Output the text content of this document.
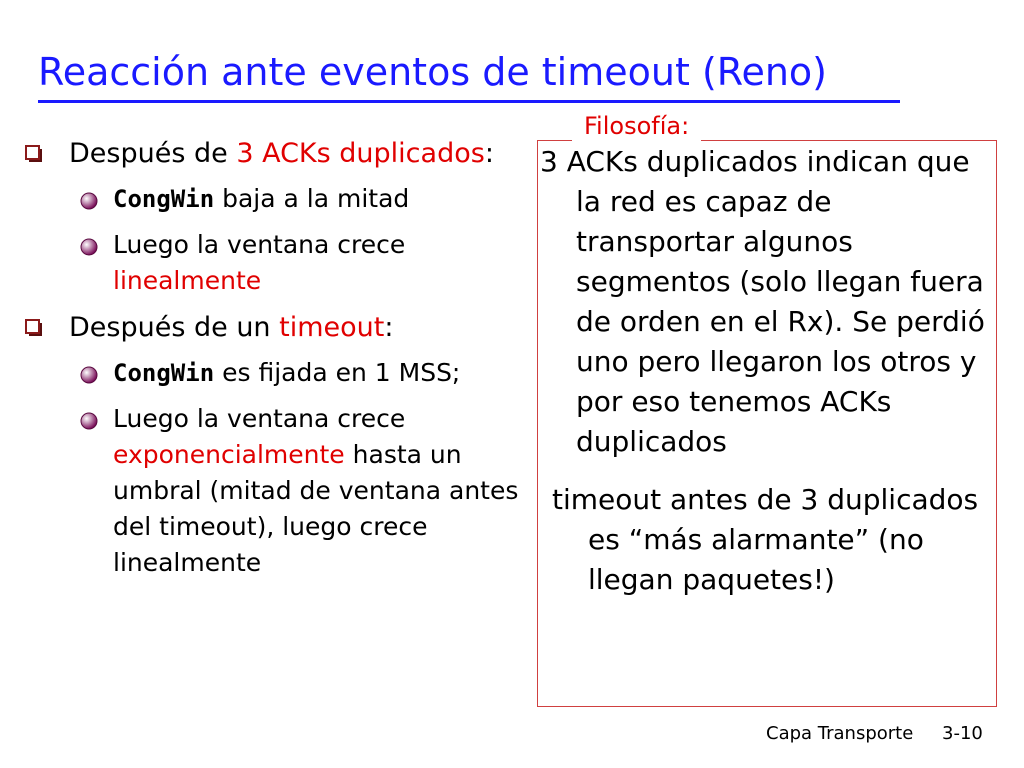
Reacción ante eventos de timeout (Reno)
Después de 3 ACKs duplicados:
CongWin baja a la mitad
Luego la ventana crece linealmente
Después de un timeout:
CongWin es fijada en 1 MSS;
Luego la ventana crece exponencialmente hasta un umbral (mitad de ventana antes del timeout), luego crece linealmente
Filosofía:

3 ACKs duplicados indican que la red es capaz de transportar algunos segmentos (solo llegan fuera de orden en el Rx). Se perdió uno pero llegaron los otros y por eso tenemos ACKs duplicados

timeout antes de 3 duplicados es “más alarmante” (no llegan paquetes!)

Capa Transporte 3-10
